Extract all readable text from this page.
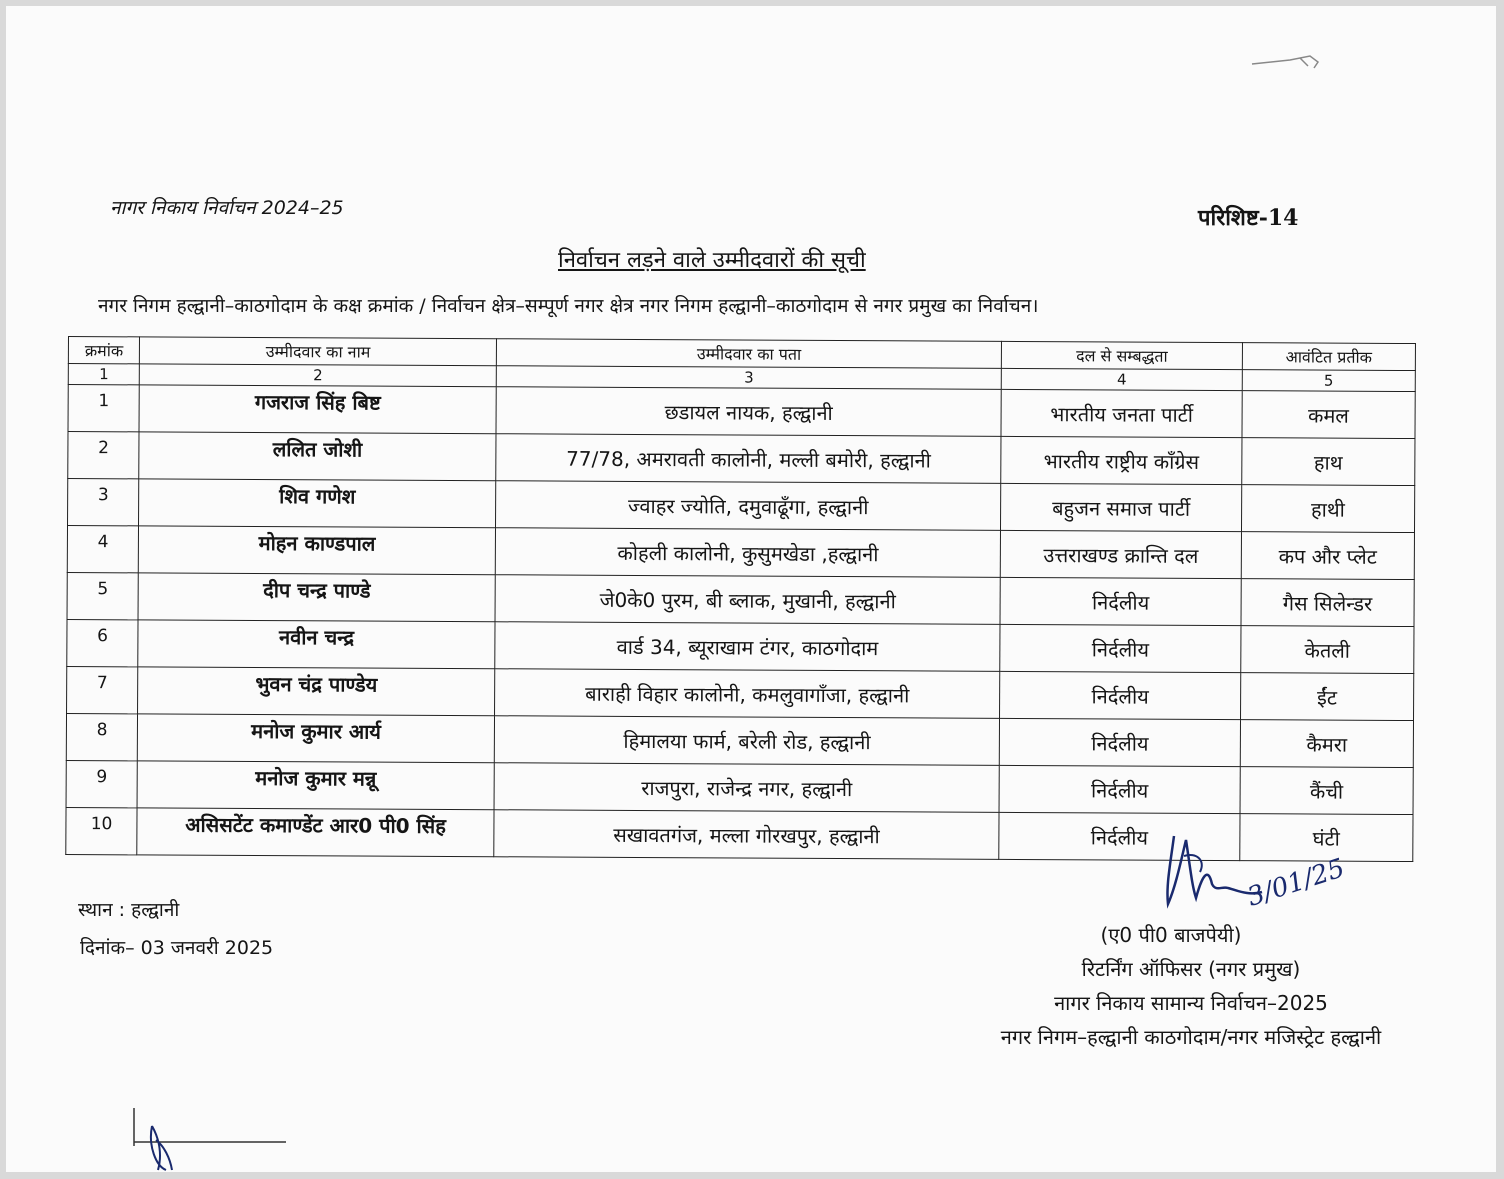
नागर निकाय निर्वाचन 2024–25	परिशिष्ट-14
निर्वाचन लड़ने वाले उम्मीदवारों की सूची
नगर निगम हल्द्वानी–काठगोदाम के कक्ष क्रमांक / निर्वाचन क्षेत्र–सम्पूर्ण नगर क्षेत्र नगर निगम हल्द्वानी–काठगोदाम से नगर प्रमुख का निर्वाचन।
क्रमांक	उम्मीदवार का नाम	उम्मीदवार का पता	दल से सम्बद्धता	आवंटित प्रतीक
1	2	3	4	5
1	गजराज सिंह बिष्ट	छडायल नायक, हल्द्वानी	भारतीय जनता पार्टी	कमल
2	ललित जोशी	77/78, अमरावती कालोनी, मल्ली बमोरी, हल्द्वानी	भारतीय राष्ट्रीय काँग्रेस	हाथ
3	शिव गणेश	ज्वाहर ज्योति, दमुवाढूँगा, हल्द्वानी	बहुजन समाज पार्टी	हाथी
4	मोहन काण्डपाल	कोहली कालोनी, कुसुमखेडा ,हल्द्वानी	उत्तराखण्ड क्रान्ति दल	कप और प्लेट
5	दीप चन्द्र पाण्डे	जे0के0 पुरम, बी ब्लाक, मुखानी, हल्द्वानी	निर्दलीय	गैस सिलेन्डर
6	नवीन चन्द्र	वार्ड 34, ब्यूराखाम टंगर, काठगोदाम	निर्दलीय	केतली
7	भुवन चंद्र पाण्डेय	बाराही विहार कालोनी, कमलुवागाँजा, हल्द्वानी	निर्दलीय	ईंट
8	मनोज कुमार आर्य	हिमालया फार्म, बरेली रोड, हल्द्वानी	निर्दलीय	कैमरा
9	मनोज कुमार मन्नू	राजपुरा, राजेन्द्र नगर, हल्द्वानी	निर्दलीय	कैंची
10	असिसटेंट कमाण्डेंट आर0 पी0 सिंह	सखावतगंज, मल्ला गोरखपुर, हल्द्वानी	निर्दलीय	घंटी
स्थान : हल्द्वानी
दिनांक– 03 जनवरी 2025
3/01/25
(ए0 पी0 बाजपेयी)
रिटर्निंग ऑफिसर (नगर प्रमुख)
नागर निकाय सामान्य निर्वाचन–2025
नगर निगम–हल्द्वानी काठगोदाम/नगर मजिस्ट्रेट हल्द्वानी
